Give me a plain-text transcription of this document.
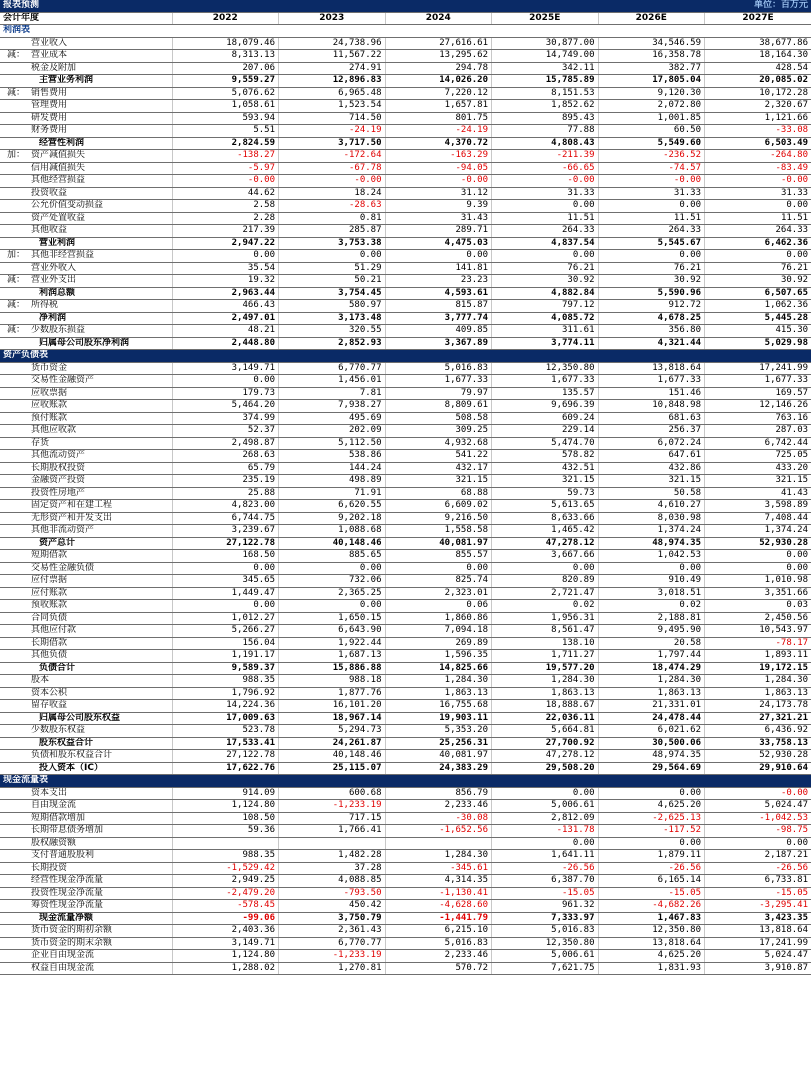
报表预测				单位：百万元		
会计年度	2022	2023	2024	2025E	2026E	2027E
利润表						
营业收入	18,079.46	24,738.96	27,616.61	30,877.00	34,546.59	38,677.86
减： 营业成本	8,313.13	11,567.22	13,295.62	14,749.00	16,358.78	18,164.30
税金及附加	207.06	274.91	294.78	342.11	382.77	428.54
主营业务利润	9,559.27	12,896.83	14,026.20	15,785.89	17,805.04	20,085.02
减： 销售费用	5,076.62	6,965.48	7,220.12	8,151.53	9,120.30	10,172.28
管理费用	1,058.61	1,523.54	1,657.81	1,852.62	2,072.80	2,320.67
研发费用	593.94	714.50	801.75	895.43	1,001.85	1,121.66
财务费用	5.51	-24.19	-24.19	77.88	60.50	-33.08
经营性利润	2,824.59	3,717.50	4,370.72	4,808.43	5,549.60	6,503.49
加： 资产减值损失	-138.27	-172.64	-163.29	-211.39	-236.52	-264.80
信用减值损失	-5.97	-67.78	-94.05	-66.65	-74.57	-83.49
其他经营损益	-0.00	-0.00	-0.00	-0.00	-0.00	-0.00
投资收益	44.62	18.24	31.12	31.33	31.33	31.33
公允价值变动损益	2.58	-28.63	9.39	0.00	0.00	0.00
资产处置收益	2.28	0.81	31.43	11.51	11.51	11.51
其他收益	217.39	285.87	289.71	264.33	264.33	264.33
营业利润	2,947.22	3,753.38	4,475.03	4,837.54	5,545.67	6,462.36
加： 其他非经营损益	0.00	0.00	0.00	0.00	0.00	0.00
营业外收入	35.54	51.29	141.81	76.21	76.21	76.21
减： 营业外支出	19.32	50.21	23.23	30.92	30.92	30.92
利润总额	2,963.44	3,754.45	4,593.61	4,882.84	5,590.96	6,507.65
减： 所得税	466.43	580.97	815.87	797.12	912.72	1,062.36
净利润	2,497.01	3,173.48	3,777.74	4,085.72	4,678.25	5,445.28
减： 少数股东损益	48.21	320.55	409.85	311.61	356.80	415.30
归属母公司股东净利润	2,448.80	2,852.93	3,367.89	3,774.11	4,321.44	5,029.98
资产负债表						
货币资金	3,149.71	6,770.77	5,016.83	12,350.80	13,818.64	17,241.99
交易性金融资产	0.00	1,456.01	1,677.33	1,677.33	1,677.33	1,677.33
应收票据	179.73	7.81	79.97	135.57	151.46	169.57
应收账款	5,464.20	7,938.27	8,809.61	9,696.39	10,848.98	12,146.26
预付账款	374.99	495.69	508.58	609.24	681.63	763.16
其他应收款	52.37	202.09	309.25	229.14	256.37	287.03
存货	2,498.87	5,112.50	4,932.68	5,474.70	6,072.24	6,742.44
其他流动资产	268.63	538.86	541.22	578.82	647.61	725.05
长期股权投资	65.79	144.24	432.17	432.51	432.86	433.20
金融资产投资	235.19	498.89	321.15	321.15	321.15	321.15
投资性房地产	25.88	71.91	68.88	59.73	50.58	41.43
固定资产和在建工程	4,823.00	6,620.55	6,609.02	5,613.65	4,610.27	3,598.89
无形资产和开发支出	6,744.75	9,202.18	9,216.50	8,633.66	8,030.98	7,408.44
其他非流动资产	3,239.67	1,088.68	1,558.58	1,465.42	1,374.24	1,374.24
资产总计	27,122.78	40,148.46	40,081.97	47,278.12	48,974.35	52,930.28
短期借款	168.50	885.65	855.57	3,667.66	1,042.53	0.00
交易性金融负债	0.00	0.00	0.00	0.00	0.00	0.00
应付票据	345.65	732.06	825.74	820.89	910.49	1,010.98
应付账款	1,449.47	2,365.25	2,323.01	2,721.47	3,018.51	3,351.66
预收账款	0.00	0.00	0.06	0.02	0.02	0.03
合同负债	1,012.27	1,650.15	1,860.86	1,956.31	2,188.81	2,450.56
其他应付款	5,266.27	6,643.90	7,094.18	8,561.47	9,495.90	10,543.97
长期借款	156.04	1,922.44	269.89	138.10	20.58	-78.17
其他负债	1,191.17	1,687.13	1,596.35	1,711.27	1,797.44	1,893.11
负债合计	9,589.37	15,886.88	14,825.66	19,577.20	18,474.29	19,172.15
股本	988.35	988.18	1,284.30	1,284.30	1,284.30	1,284.30
资本公积	1,796.92	1,877.76	1,863.13	1,863.13	1,863.13	1,863.13
留存收益	14,224.36	16,101.20	16,755.68	18,888.67	21,331.01	24,173.78
归属母公司股东权益	17,009.63	18,967.14	19,903.11	22,036.11	24,478.44	27,321.21
少数股东权益	523.78	5,294.73	5,353.20	5,664.81	6,021.62	6,436.92
股东权益合计	17,533.41	24,261.87	25,256.31	27,700.92	30,500.06	33,758.13
负债和股东权益合计	27,122.78	40,148.46	40,081.97	47,278.12	48,974.35	52,930.28
投入资本（IC）	17,622.76	25,115.07	24,383.29	29,508.20	29,564.69	29,910.64
现金流量表						
资本支出	914.09	600.68	856.79	0.00	0.00	-0.00
自由现金流	1,124.80	-1,233.19	2,233.46	5,006.61	4,625.20	5,024.47
短期借款增加	108.50	717.15	-30.08	2,812.09	-2,625.13	-1,042.53
长期带息债务增加	59.36	1,766.41	-1,652.56	-131.78	-117.52	-98.75
股权融资额				0.00	0.00	0.00
支付普通股股利	988.35	1,482.28	1,284.30	1,641.11	1,879.11	2,187.21
长期投资	-1,529.42	37.28	-345.61	-26.56	-26.56	-26.56
经营性现金净流量	2,949.25	4,088.85	4,314.35	6,387.70	6,165.14	6,733.81
投资性现金净流量	-2,479.20	-793.50	-1,130.41	-15.05	-15.05	-15.05
筹资性现金净流量	-578.45	450.42	-4,628.60	961.32	-4,682.26	-3,295.41
现金流量净额	-99.06	3,750.79	-1,441.79	7,333.97	1,467.83	3,423.35
货币资金的期初余额	2,403.36	2,361.43	6,215.10	5,016.83	12,350.80	13,818.64
货币资金的期末余额	3,149.71	6,770.77	5,016.83	12,350.80	13,818.64	17,241.99
企业自由现金流	1,124.80	-1,233.19	2,233.46	5,006.61	4,625.20	5,024.47
权益自由现金流	1,288.02	1,270.81	570.72	7,621.75	1,831.93	3,910.87
